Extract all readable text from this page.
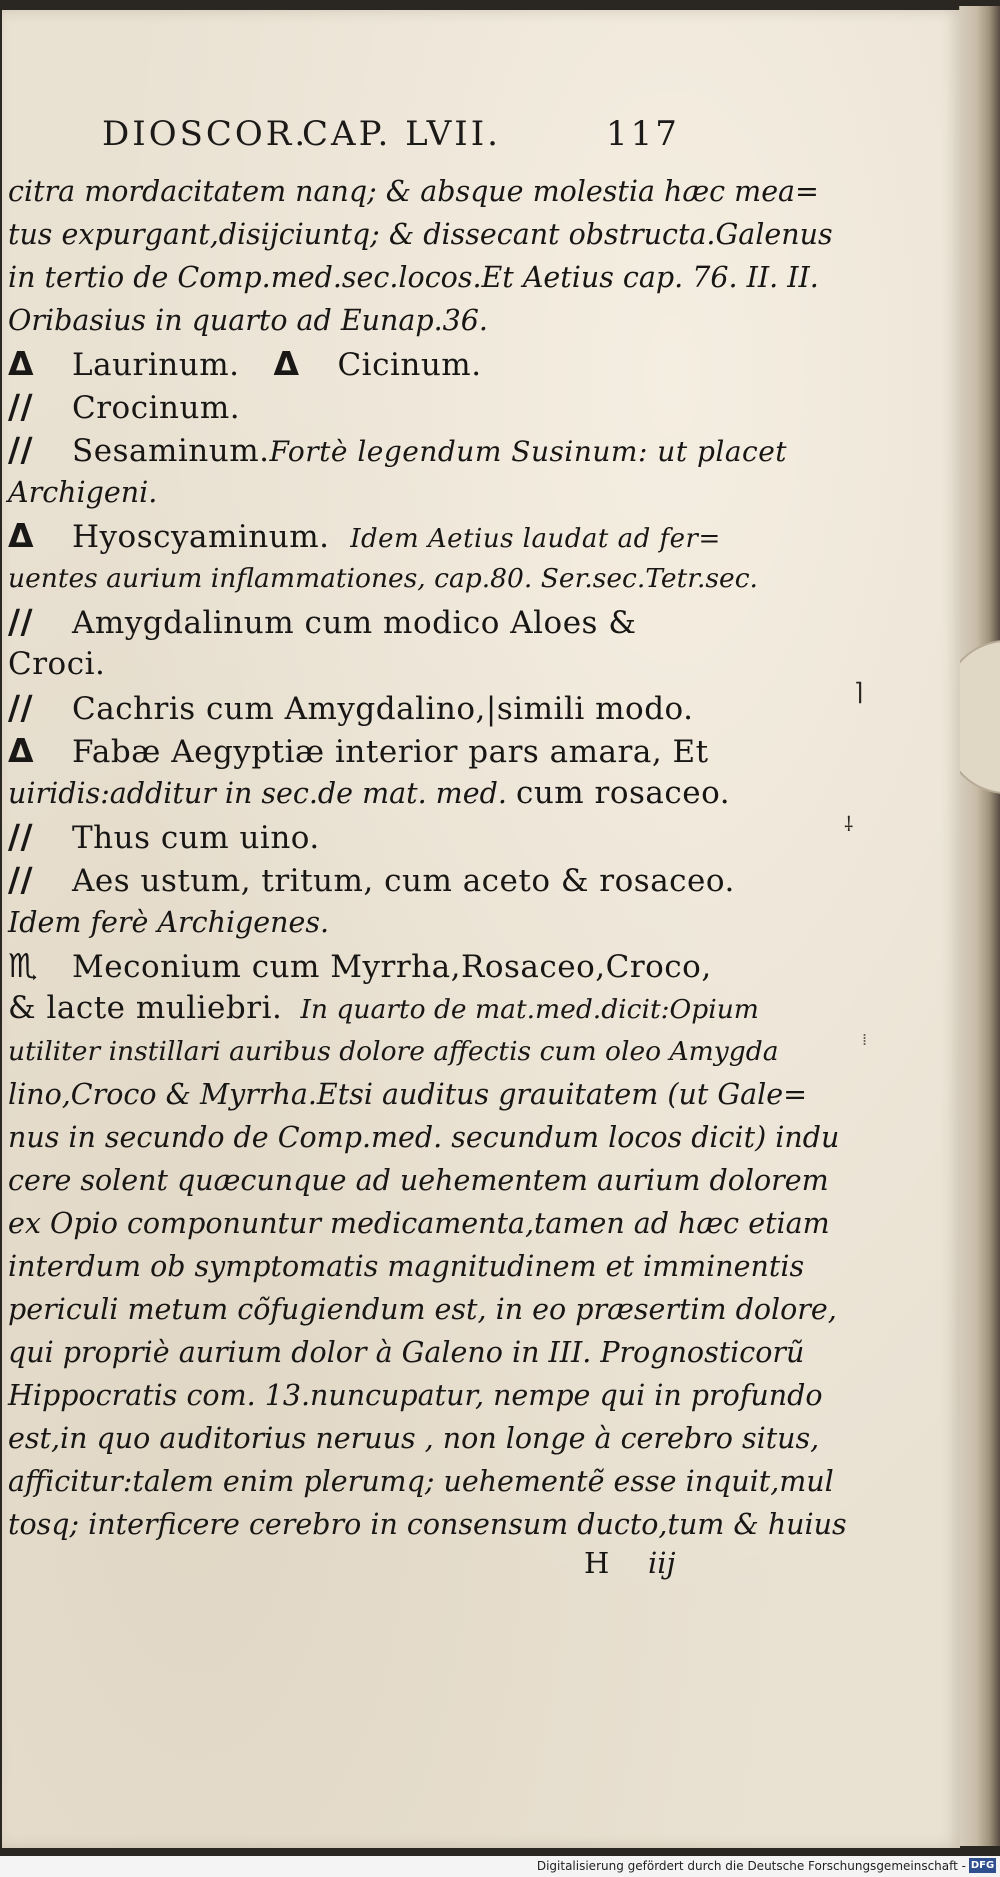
DIOSCOR.

CAP. LVII.

	117

citra mordacitatem nanq; & absque molestia hæc mea=
tus expurgant,disijciuntq; & dissecant obstructa.Galenus
in tertio de Comp.med.sec.locos.Et Aetius cap. 76. II. II.
Oribasius in quarto ad Eunap.36.
Δ Laurinum. Δ Cicinum.
// Crocinum.
// Sesaminum.Fortè legendum Susinum: ut placet
Archigeni.
Δ Hyoscyaminum. Idem Aetius laudat ad fer=
uentes aurium inflammationes, cap.80. Ser.sec.Tetr.sec.
// Amygdalinum cum modico Aloes &
Croci.
// Cachris cum Amygdalino,|simili modo.
Δ Fabæ Aegyptiæ interior pars amara, Et
uiridis:additur in sec.de mat. med. cum rosaceo.
// Thus cum uino.
// Aes ustum, tritum, cum aceto & rosaceo.
Idem ferè Archigenes.
♏ Meconium cum Myrrha,Rosaceo,Croco,
& lacte muliebri. In quarto de mat.med.dicit:Opium
utiliter instillari auribus dolore affectis cum oleo Amygda
lino,Croco & Myrrha.Etsi auditus grauitatem (ut Gale=
nus in secundo de Comp.med. secundum locos dicit) indu
cere solent quæcunque ad uehementem aurium dolorem
ex Opio componuntur medicamenta,tamen ad hæc etiam
interdum ob symptomatis magnitudinem et imminentis
periculi metum cõfugiendum est, in eo præsertim dolore,
qui propriè aurium dolor à Galeno in III. Prognosticorũ
Hippocratis com. 13.nuncupatur, nempe qui in profundo
est,in quo auditorius neruus , non longe à cerebro situs,
afficitur:talem enim plerumq; uehementẽ esse inquit,mul
tosq; interficere cerebro in consensum ducto,tum & huius
H iij
⌉
⸸
⁞
Digitalisierung gefördert durch die Deutsche Forschungsgemeinschaft - DFG
